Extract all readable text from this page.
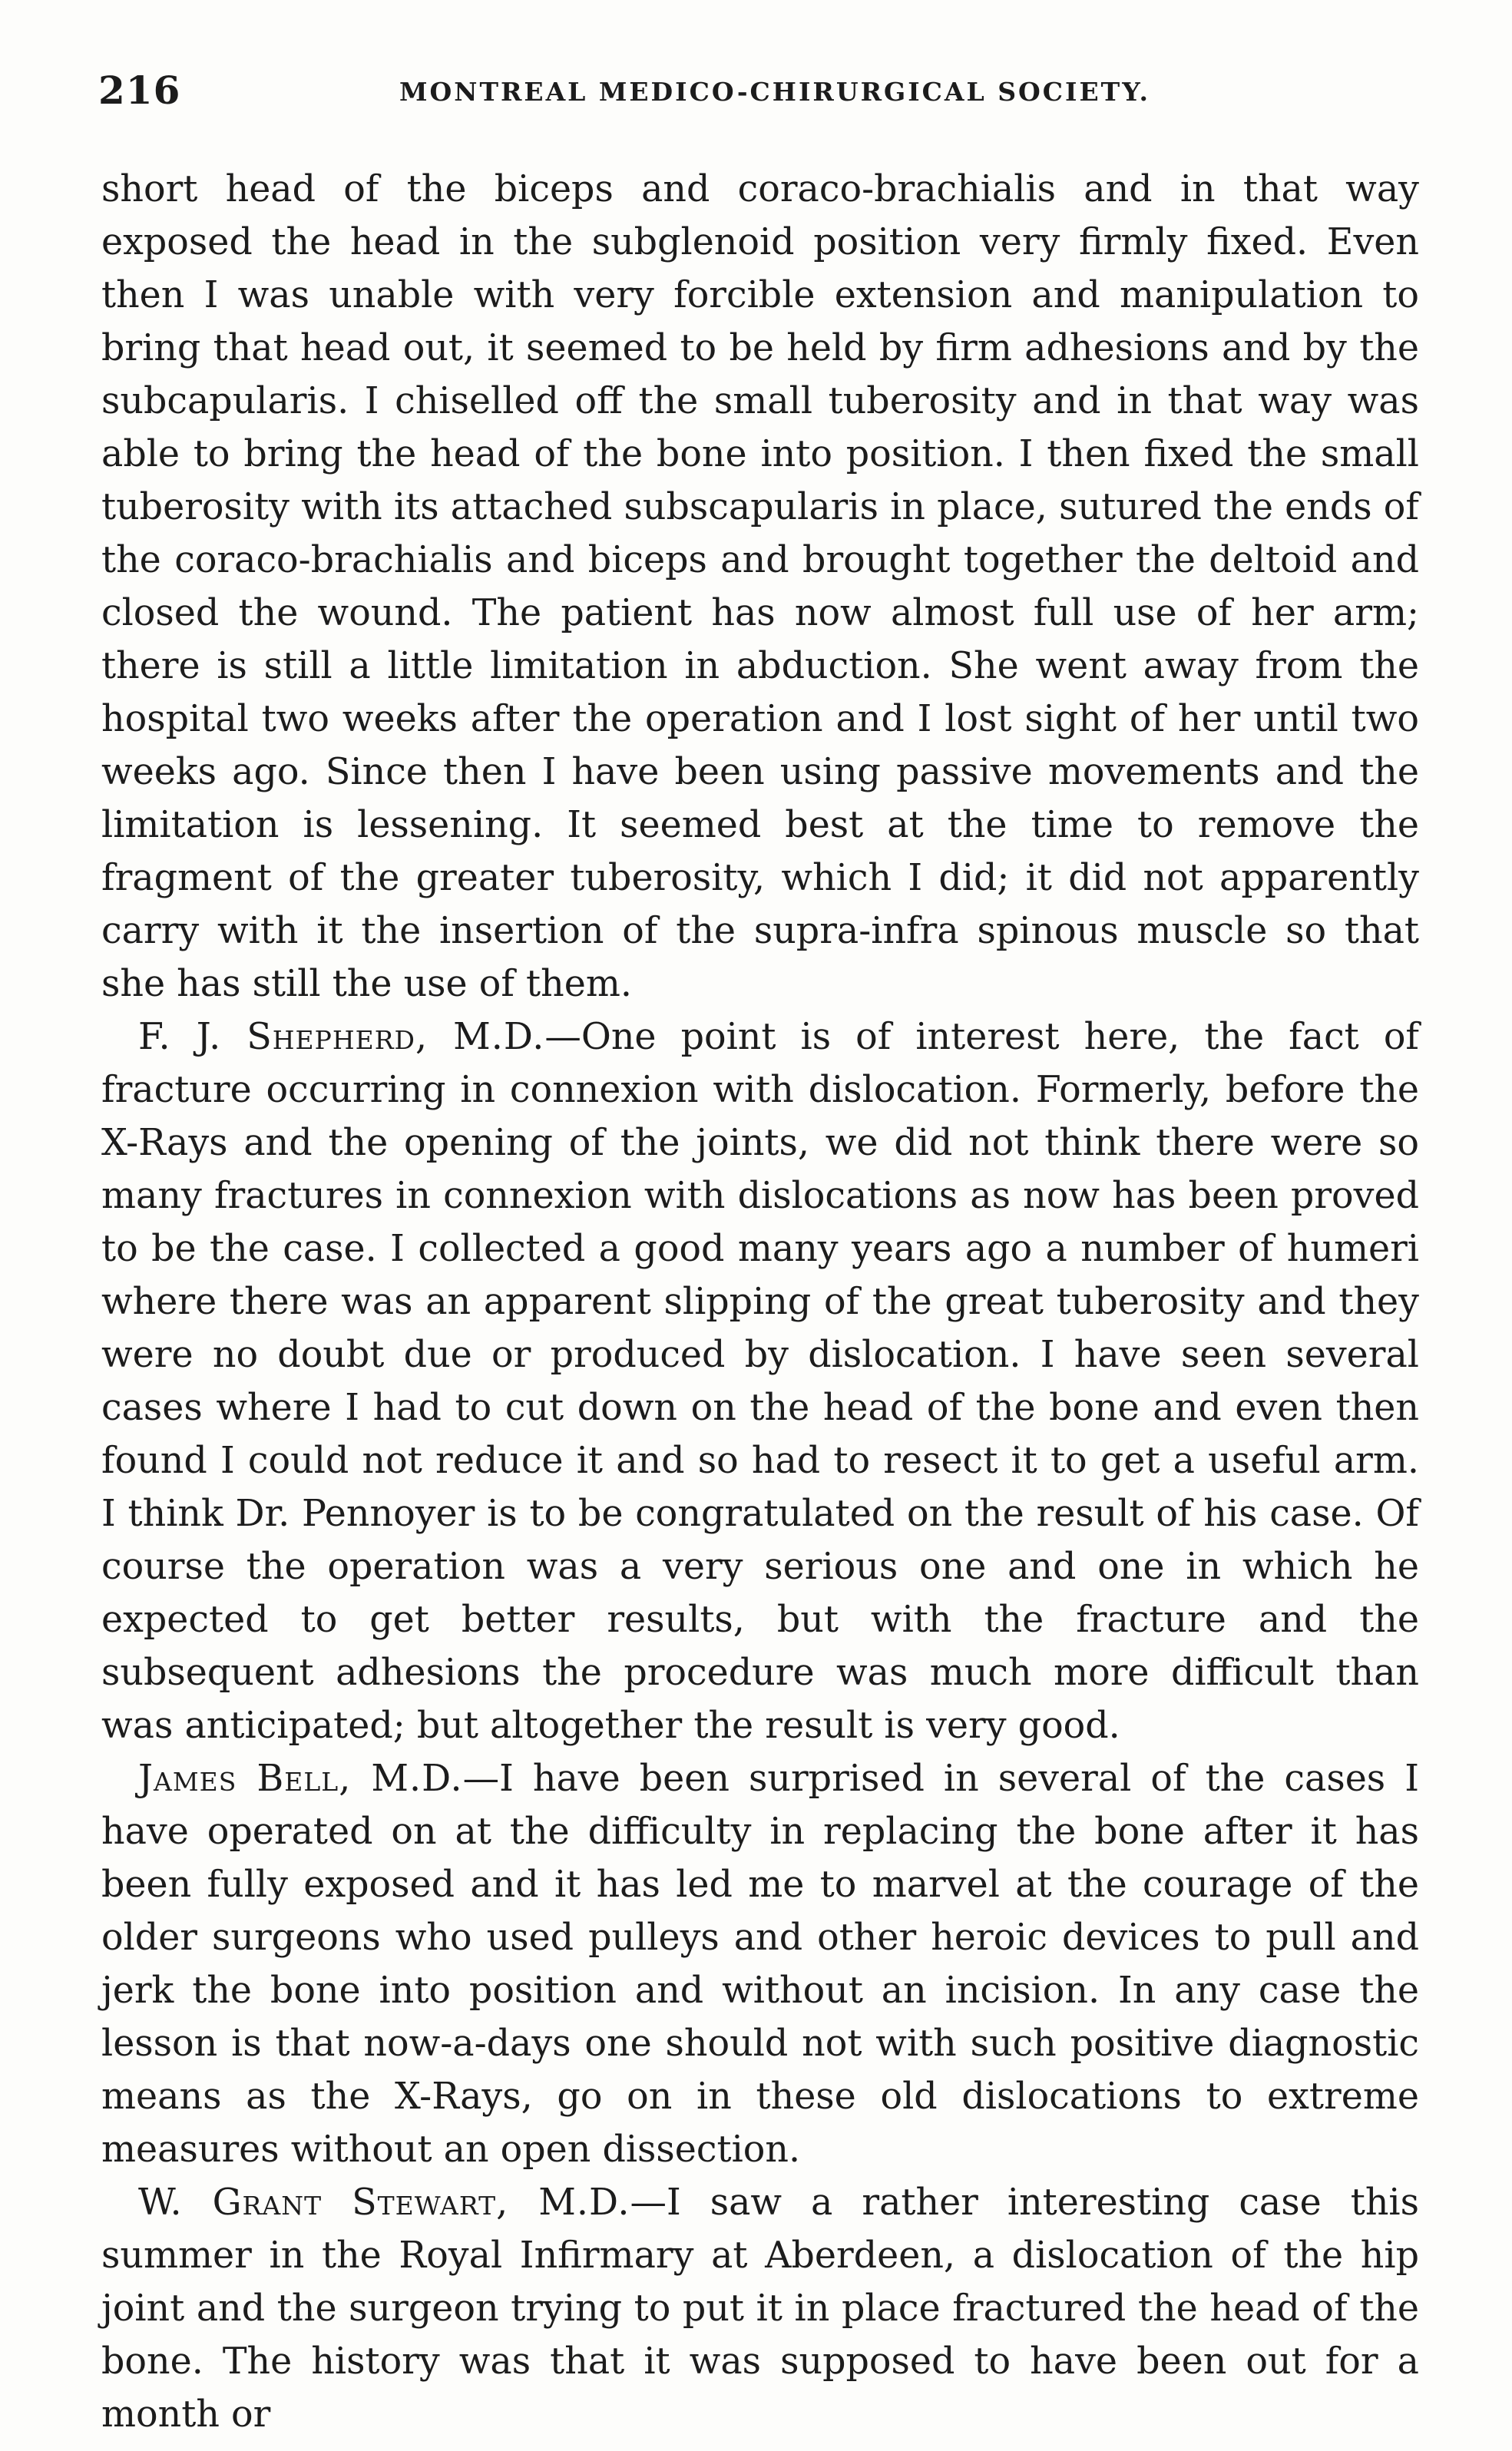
216	MONTREAL MEDICO-CHIRURGICAL SOCIETY.

short head of the biceps and coraco-brachialis and in that way exposed the head in the subglenoid position very firmly fixed. Even then I was unable with very forcible extension and manipulation to bring that head out, it seemed to be held by firm adhesions and by the subcapularis. I chiselled off the small tuberosity and in that way was able to bring the head of the bone into position. I then fixed the small tuberosity with its attached subscapularis in place, sutured the ends of the coraco-brachialis and biceps and brought together the deltoid and closed the wound. The patient has now almost full use of her arm; there is still a little limitation in abduction. She went away from the hospital two weeks after the operation and I lost sight of her until two weeks ago. Since then I have been using passive movements and the limitation is lessening. It seemed best at the time to remove the fragment of the greater tuberosity, which I did; it did not apparently carry with it the insertion of the supra-infra spinous muscle so that she has still the use of them.

F. J. Shepherd, M.D.—One point is of interest here, the fact of fracture occurring in connexion with dislocation. Formerly, before the X-Rays and the opening of the joints, we did not think there were so many fractures in connexion with dislocations as now has been proved to be the case. I collected a good many years ago a number of humeri where there was an apparent slipping of the great tuberosity and they were no doubt due or produced by dislocation. I have seen several cases where I had to cut down on the head of the bone and even then found I could not reduce it and so had to resect it to get a useful arm. I think Dr. Pennoyer is to be congratulated on the result of his case. Of course the operation was a very serious one and one in which he expected to get better results, but with the fracture and the subsequent adhesions the procedure was much more difficult than was anticipated; but altogether the result is very good.

James Bell, M.D.—I have been surprised in several of the cases I have operated on at the difficulty in replacing the bone after it has been fully exposed and it has led me to marvel at the courage of the older surgeons who used pulleys and other heroic devices to pull and jerk the bone into position and without an incision. In any case the lesson is that now-a-days one should not with such positive diagnostic means as the X-Rays, go on in these old dislocations to extreme measures without an open dissection.

W. Grant Stewart, M.D.—I saw a rather interesting case this summer in the Royal Infirmary at Aberdeen, a dislocation of the hip joint and the surgeon trying to put it in place fractured the head of the bone. The history was that it was supposed to have been out for a month or
